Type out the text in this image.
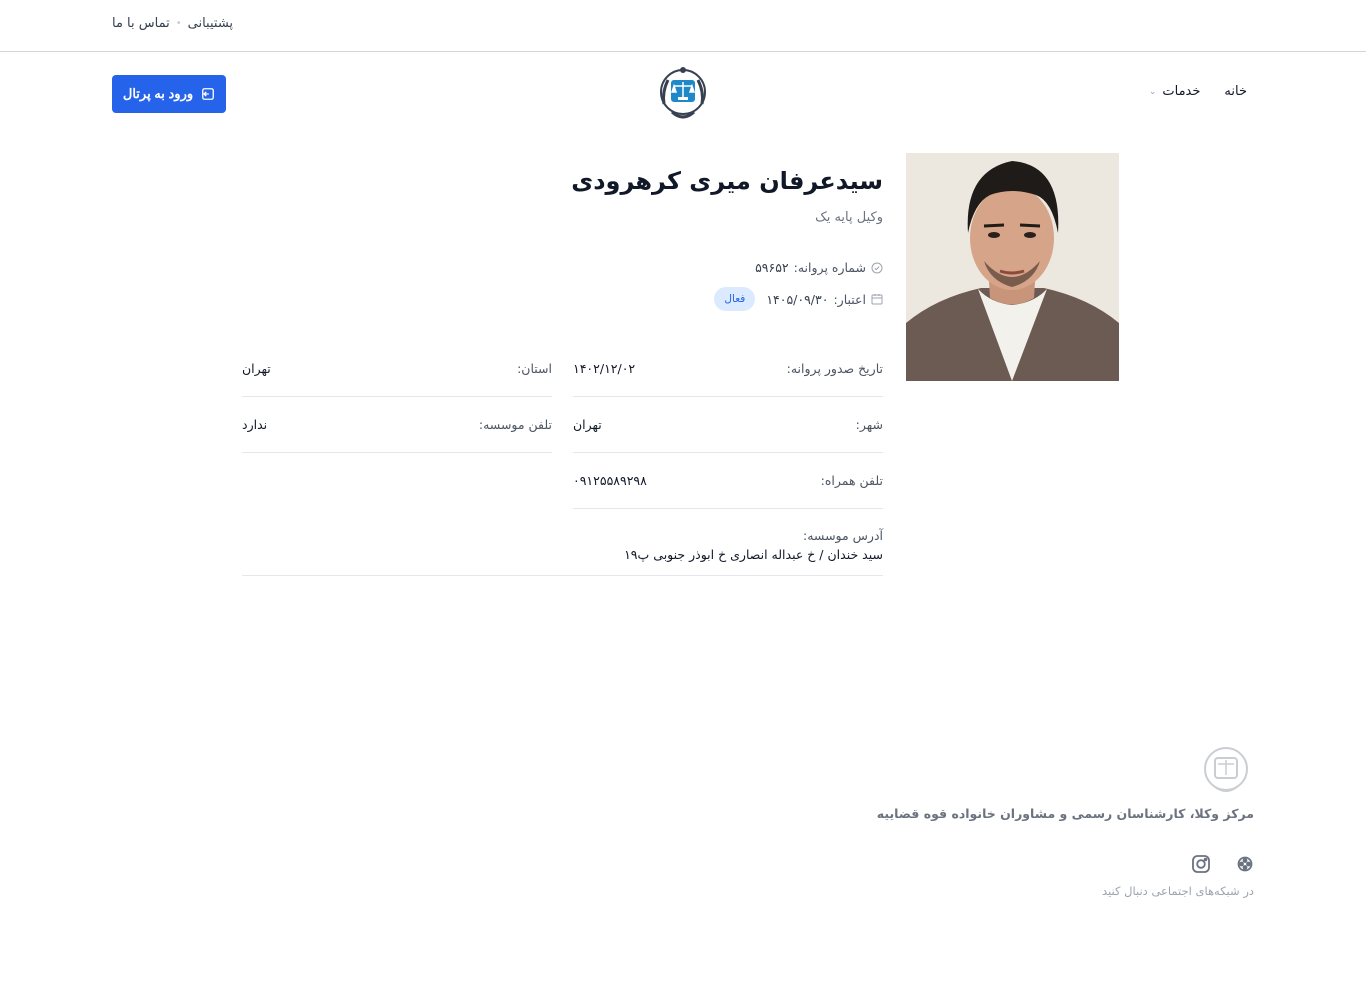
پشتیبانی
•
تماس با ما
خانه
خدمات
⌄
ورود به پرتال
سیدعرفان میری کرهرودی
وکیل پایه یک
شماره پروانه:
۵۹۶۵۲
اعتبار:
۱۴۰۵/۰۹/۳۰
فعال
تاریخ صدور پروانه:
۱۴۰۲/۱۲/۰۲
استان:
تهران
شهر:
تهران
تلفن موسسه:
ندارد
تلفن همراه:
۰۹۱۲۵۵۸۹۲۹۸
آدرس موسسه:
سید خندان / خ عبداله انصاری خ ابوذر جنوبی پ۱۹
مرکز وکلا، کارشناسان رسمی و مشاوران خانواده قوه قضاییه
در شبکه‌های اجتماعی دنبال کنید
